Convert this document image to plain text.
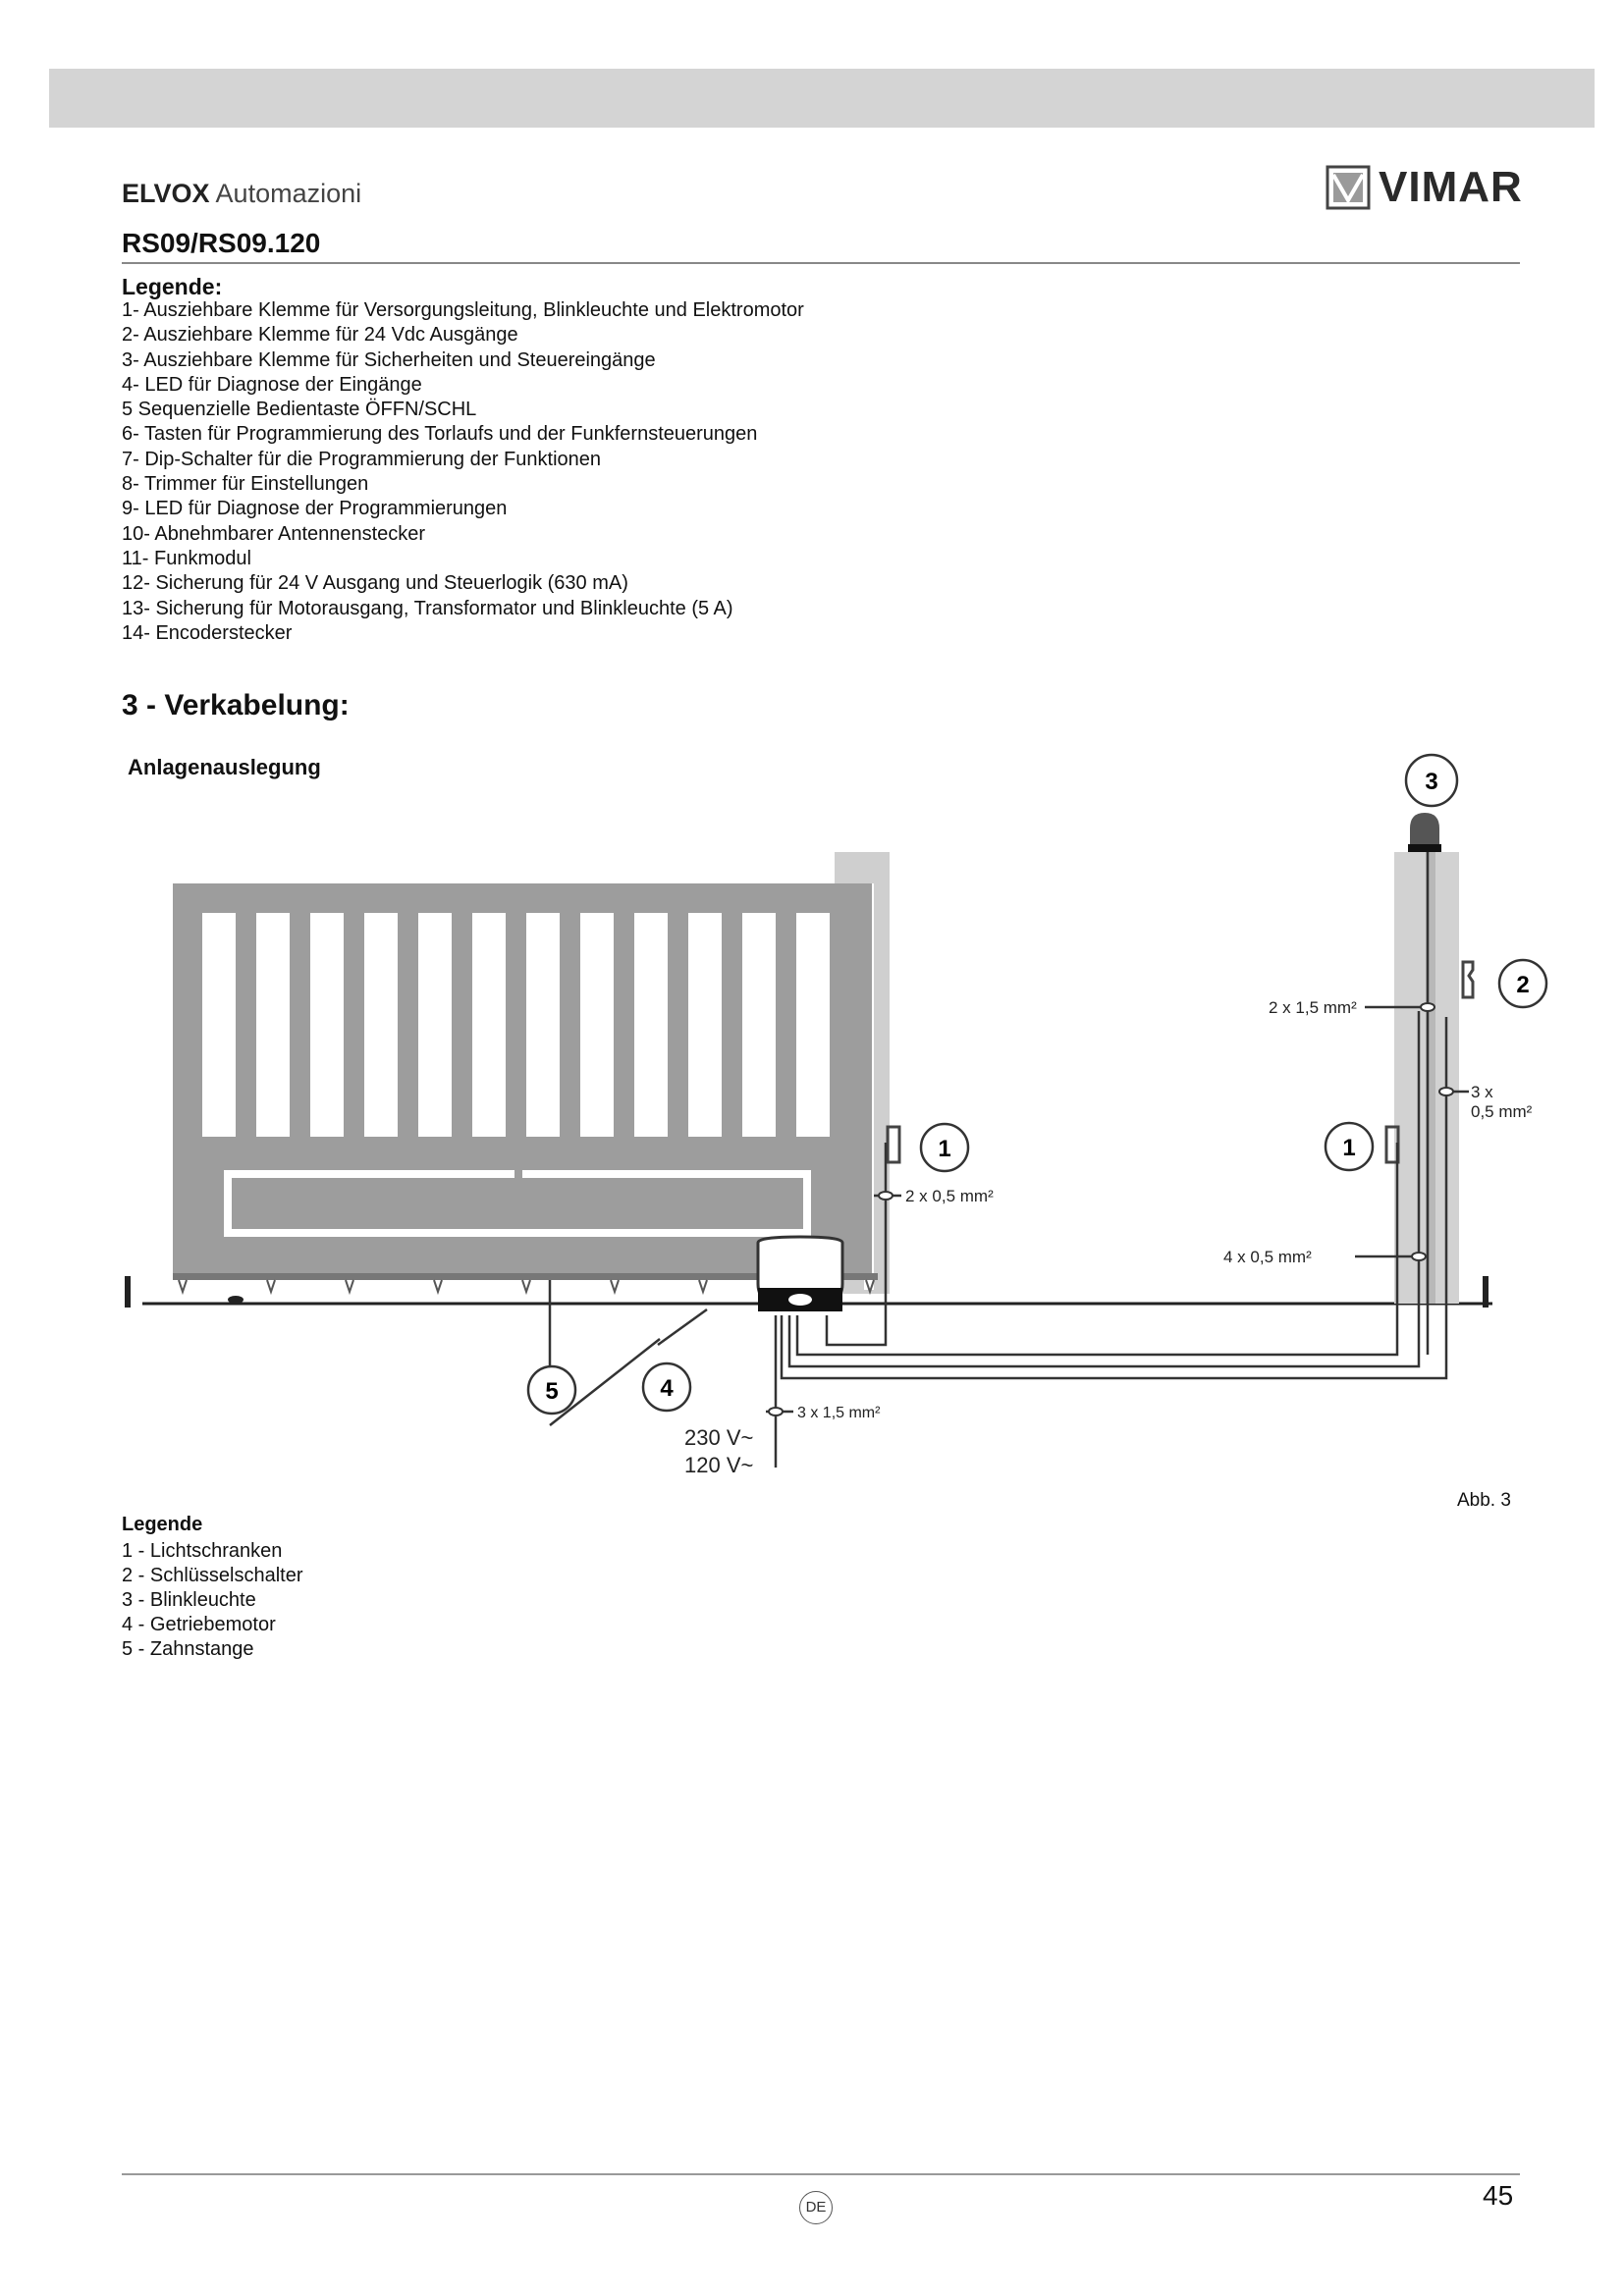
ELVOX Automazioni	VIMAR
RS09/RS09.120
Legende:
1- Ausziehbare Klemme für Versorgungsleitung, Blinkleuchte und Elektromotor
2- Ausziehbare Klemme für 24 Vdc Ausgänge
3- Ausziehbare Klemme für Sicherheiten und Steuereingänge
4- LED für Diagnose der Eingänge
5 Sequenzielle Bedientaste ÖFFN/SCHL
6- Tasten für Programmierung des Torlaufs und der Funkfernsteuerungen
7- Dip-Schalter für die Programmierung der Funktionen
8- Trimmer für Einstellungen
9- LED für Diagnose der Programmierungen
10- Abnehmbarer Antennenstecker
11- Funkmodul
12- Sicherung für 24 V Ausgang und Steuerlogik (630 mA)
13- Sicherung für Motorausgang, Transformator und Blinkleuchte (5 A)
14- Encoderstecker
3 - Verkabelung:
Anlagenauslegung
3
2
1	1
4
5
2 x 1,5 mm²
3 x
0,5 mm²
2 x 0,5 mm²
4 x 0,5 mm²
3 x 1,5 mm²
230 V~
120 V~
Abb. 3
Legende
1 - Lichtschranken
2 - Schlüsselschalter
3 - Blinkleuchte
4 - Getriebemotor
5 - Zahnstange
DE	45
